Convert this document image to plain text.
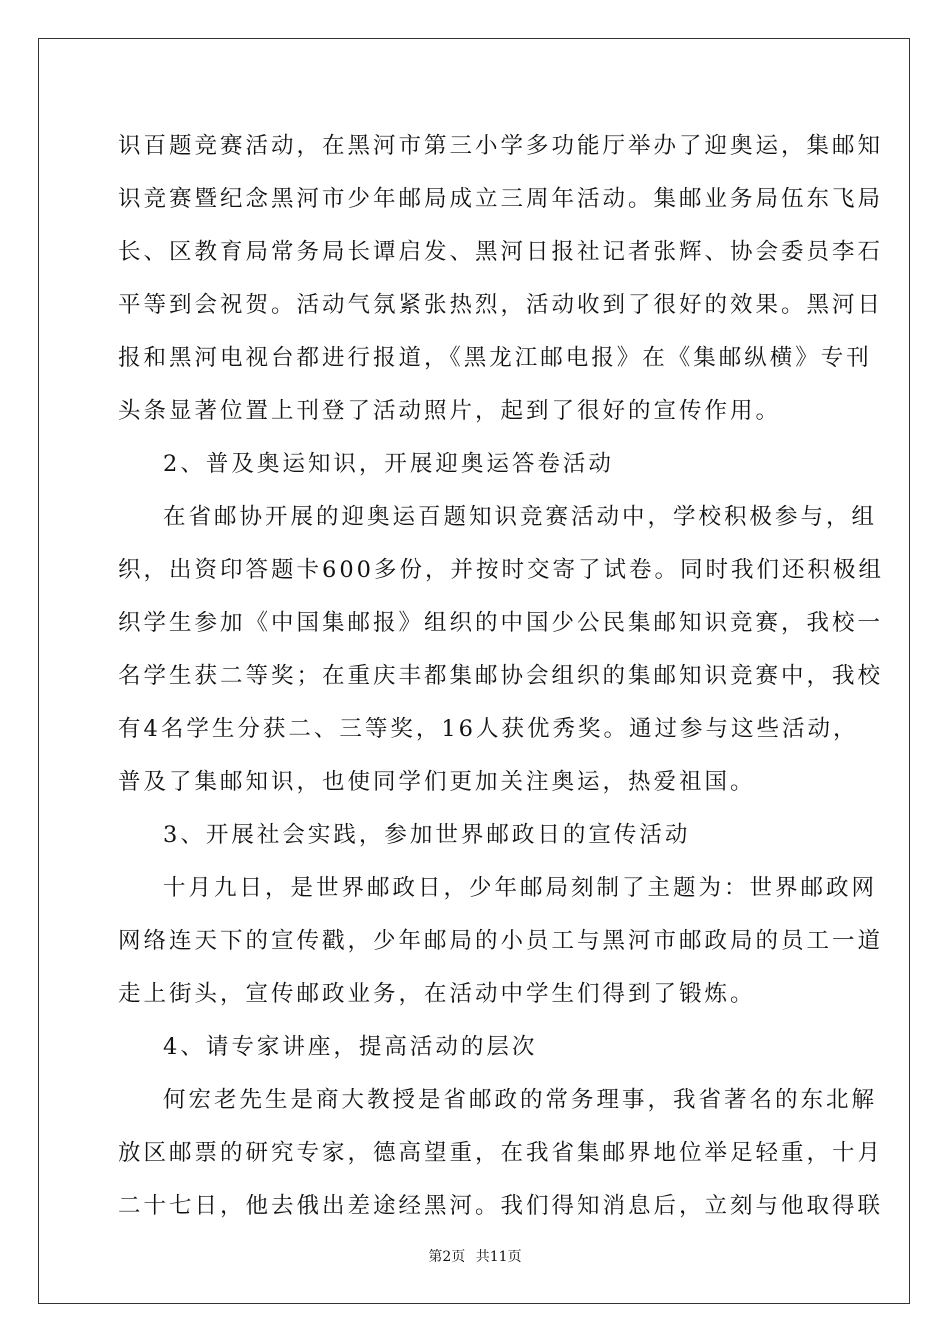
识百题竞赛活动，在黑河市第三小学多功能厅举办了迎奥运，集邮知
识竞赛暨纪念黑河市少年邮局成立三周年活动。集邮业务局伍东飞局
长、区教育局常务局长谭启发、黑河日报社记者张辉、协会委员李石
平等到会祝贺。活动气氛紧张热烈，活动收到了很好的效果。黑河日
报和黑河电视台都进行报道，《黑龙江邮电报》在《集邮纵横》专刊
头条显著位置上刊登了活动照片，起到了很好的宣传作用。
2、普及奥运知识，开展迎奥运答卷活动
在省邮协开展的迎奥运百题知识竞赛活动中，学校积极参与，组
织，出资印答题卡600多份，并按时交寄了试卷。同时我们还积极组
织学生参加《中国集邮报》组织的中国少公民集邮知识竞赛，我校一
名学生获二等奖；在重庆丰都集邮协会组织的集邮知识竞赛中，我校
有4名学生分获二、三等奖，16人获优秀奖。通过参与这些活动，
普及了集邮知识，也使同学们更加关注奥运，热爱祖国。
3、开展社会实践，参加世界邮政日的宣传活动
十月九日，是世界邮政日，少年邮局刻制了主题为：世界邮政网
网络连天下的宣传戳，少年邮局的小员工与黑河市邮政局的员工一道
走上街头，宣传邮政业务，在活动中学生们得到了锻炼。
4、请专家讲座，提高活动的层次
何宏老先生是商大教授是省邮政的常务理事，我省著名的东北解
放区邮票的研究专家，德高望重，在我省集邮界地位举足轻重，十月
二十七日，他去俄出差途经黑河。我们得知消息后，立刻与他取得联
第2页 共11页
